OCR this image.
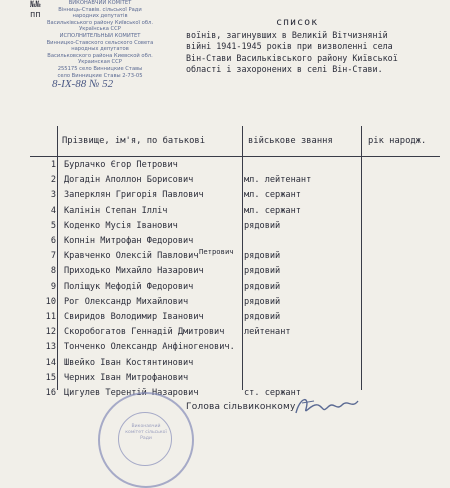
ВИКОНАВЧИЙ КОМІТЕТ
Вінниць-Ставів. сільської Ради
народних депутатів
Васильківського району Київської обл.
Українська ССР
ИСПОЛНИТЕЛЬНЫЙ КОМИТЕТ
Винницко-Ставского сельского Совета
народных депутатов
Васильковского района Киевской обл.
Украинская ССР
255175 село Винницкие Ставы
село Винницкие Ставы 2-73-05
8-IX-88 № 52
список
воїнів, загинувших в Великій Вітчизняній
війні 1941-1945 років при визволенні села
Він-Стави Васильківського району Київської
області і захоронених в селі Він-Стави.
№№
пп
Прізвище, ім'я, по батькові	військове звання	рік народж.
1 Бурлачко Єгор Петрович
2 Догадін Аполлон Борисович	мл. лейтенант
3 Заперклян Григорія Павлович	мл. сержант
4 Калінін Степан Ілліч	мл. сержант
5 Коденко Мусія Іванович	рядовий
6 Копнін Митрофан Федорович
7 Кравченко Олексій Павлович	рядовий
8 Приходько Михайло Назарович	рядовий
9 Поліщук Мефодій Федорович	рядовий
10 Рог Олександр Михайлович	рядовий
11 Свиридов Володимир Іванович	рядовий
12 Скоробогатов Геннадій Дмитрович	лейтенант
13 Тонченко Олександр Анфіногенович.
14 Швейко Іван Костянтинович
15 Черних Іван Митрофанович
16 Цигулев Терентій Назарович	ст. сержант
Петрович
Голова сільвиконкому
Виконавчий комітет сільської Ради
